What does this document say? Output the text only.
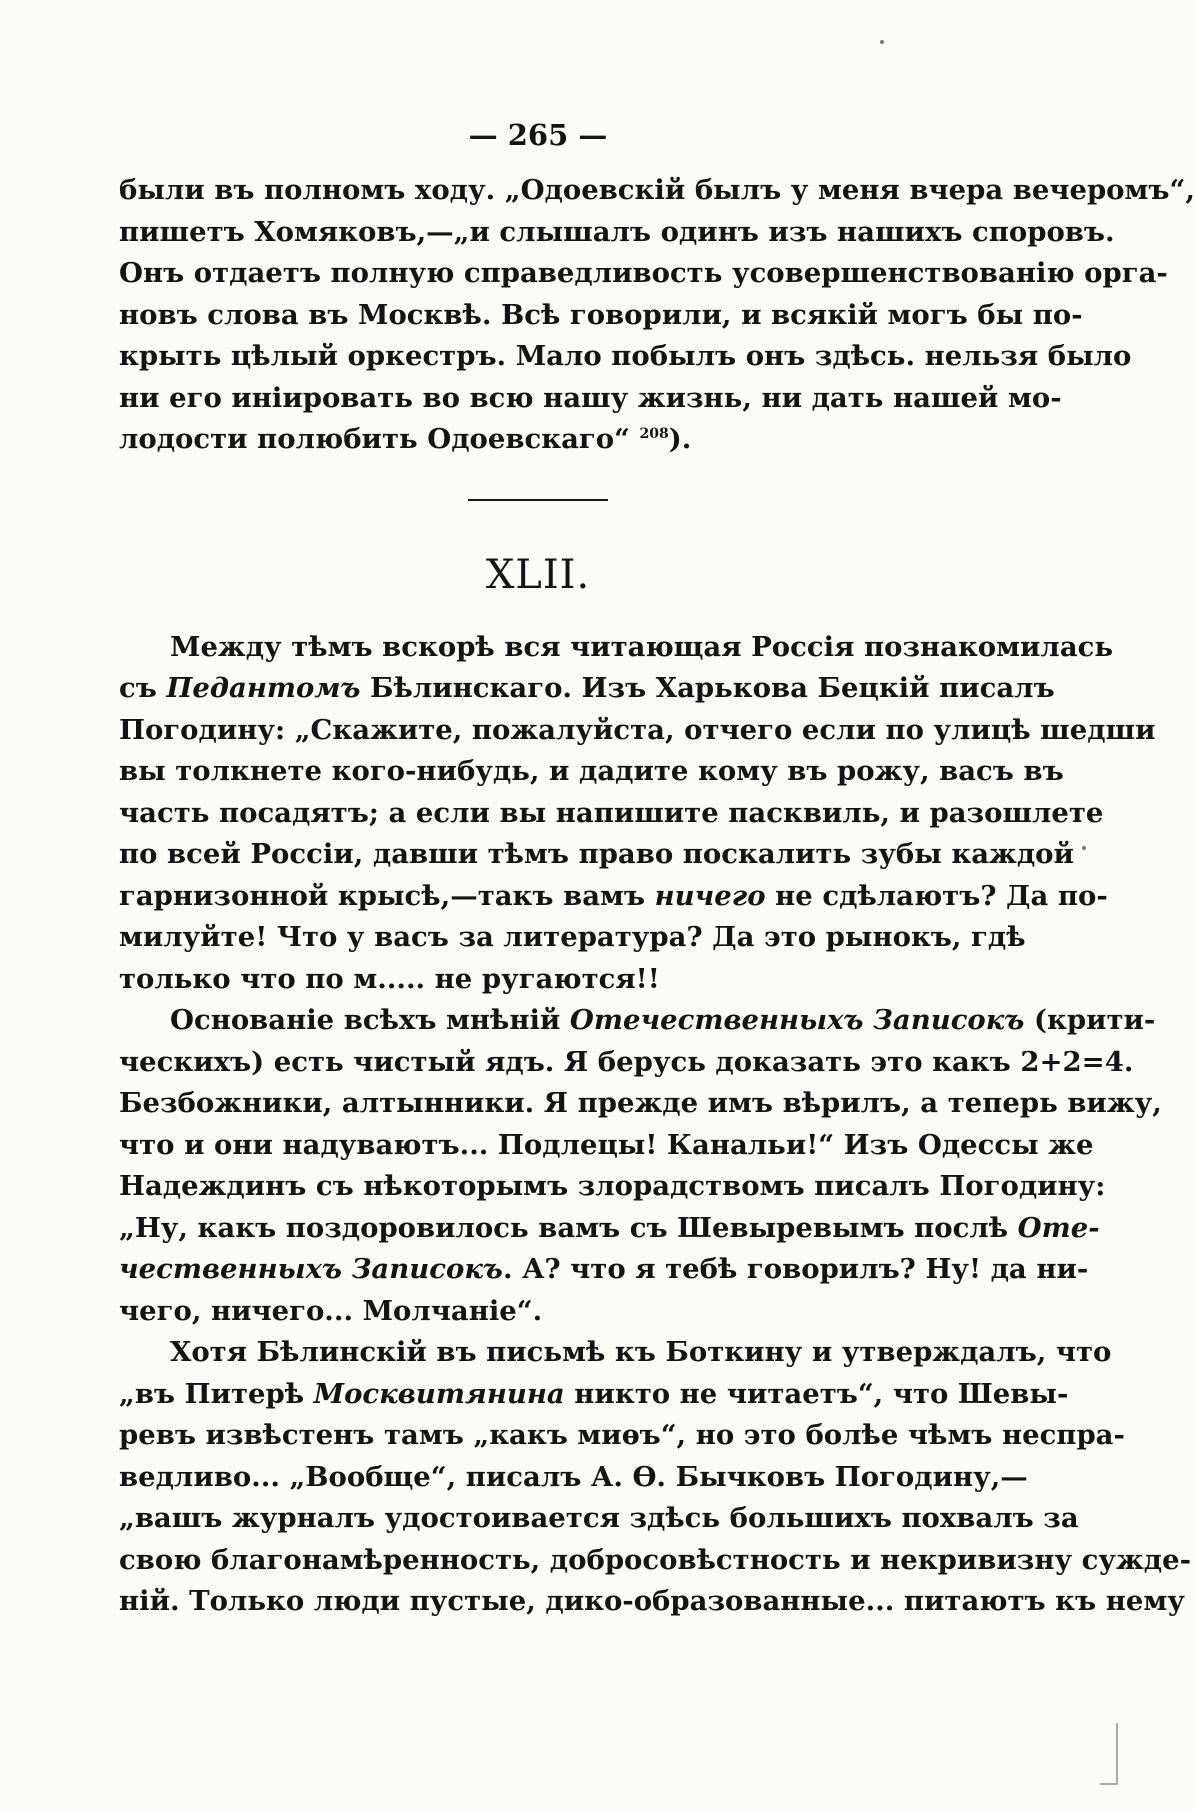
— 265 —
были въ полномъ ходу. „Одоевскій былъ у меня вчера вечеромъ“,
пишетъ Хомяковъ,—„и слышалъ одинъ изъ нашихъ споровъ.
Онъ отдаетъ полную справедливость усовершенствованію орга-
новъ слова въ Москвѣ. Всѣ говорили, и всякій могъ бы по-
крыть цѣлый оркестръ. Мало побылъ онъ здѣсь. нельзя было
ни его иніировать во всю нашу жизнь, ни дать нашей мо-
лодости полюбить Одоевскаго“ $^{208}$).
XLII.
Между тѣмъ вскорѣ вся читающая Россія познакомилась
съ Педантомъ Бѣлинскаго. Изъ Харькова Бецкій писалъ
Погодину: „Скажите, пожалуйста, отчего если по улицѣ шедши
вы толкнете кого-нибудь, и дадите кому въ рожу, васъ въ
часть посадятъ; а если вы напишите пасквиль, и разошлете
по всей Россіи, давши тѣмъ право поскалить зубы каждой
гарнизонной крысѣ,—такъ вамъ ничего не сдѣлаютъ? Да по-
милуйте! Что у васъ за литература? Да это рынокъ, гдѣ
только что по м..... не ругаются!!
Основаніе всѣхъ мнѣній Отечественныхъ Записокъ (крити-
ческихъ) есть чистый ядъ. Я берусь доказать это какъ 2+2=4.
Безбожники, алтынники. Я прежде имъ вѣрилъ, а теперь вижу,
что и они надуваютъ... Подлецы! Канальи!“ Изъ Одессы же
Надеждинъ съ нѣкоторымъ злорадствомъ писалъ Погодину:
„Ну, какъ поздоровилось вамъ съ Шевыревымъ послѣ Оте-
чественныхъ Записокъ. А? что я тебѣ говорилъ? Ну! да ни-
чего, ничего... Молчаніе“.
Хотя Бѣлинскій въ письмѣ къ Боткину и утверждалъ, что
„въ Питерѣ Москвитянина никто не читаетъ“, что Шевы-
ревъ извѣстенъ тамъ „какъ миѳъ“, но это болѣе чѣмъ неспра-
ведливо... „Вообще“, писалъ А. Ѳ. Бычковъ Погодину,—
„вашъ журналъ удостоивается здѣсь большихъ похвалъ за
свою благонамѣренность, добросовѣстность и некривизну сужде-
ній. Только люди пустые, дико-образованные... питаютъ къ нему
